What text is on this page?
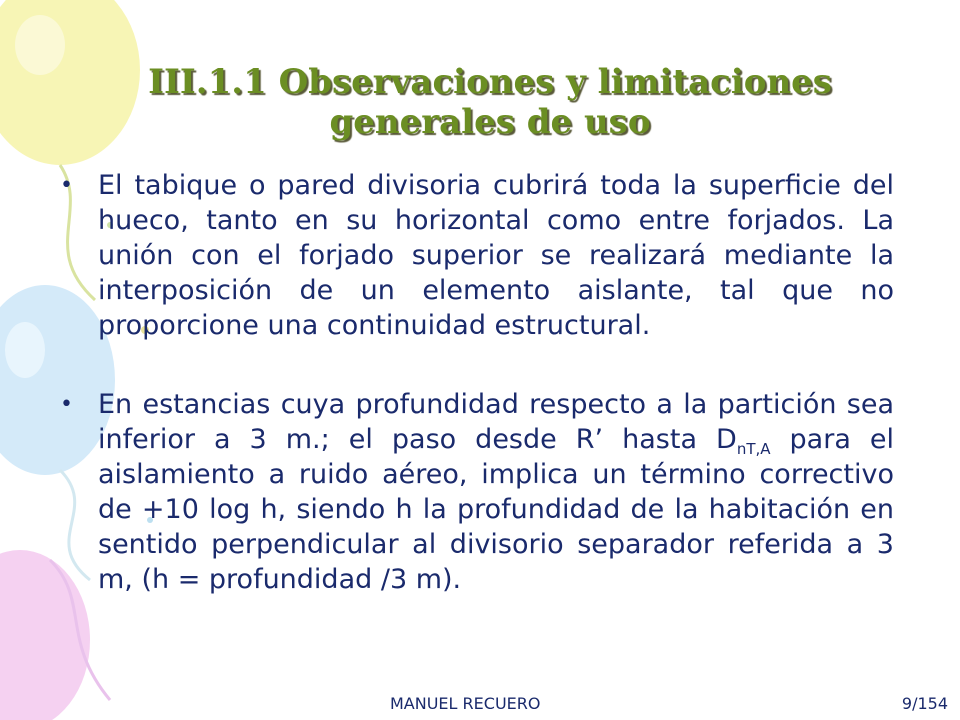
III.1.1 Observaciones y limitaciones
generales de uso
• El tabique o pared divisoria cubrirá toda la superficie del hueco, tanto en su horizontal como entre forjados. La unión con el forjado superior se realizará mediante la interposición de un elemento aislante, tal que no proporcione una continuidad estructural.
• En estancias cuya profundidad respecto a la partición sea inferior a 3 m.; el paso desde R’ hasta $D_{nT,A}$ para el aislamiento a ruido aéreo, implica un término correctivo de +10 log h, siendo h la profundidad de la habitación en sentido perpendicular al divisorio separador referida a 3 m, (h = profundidad /3 m).
MANUEL RECUERO	9/154
